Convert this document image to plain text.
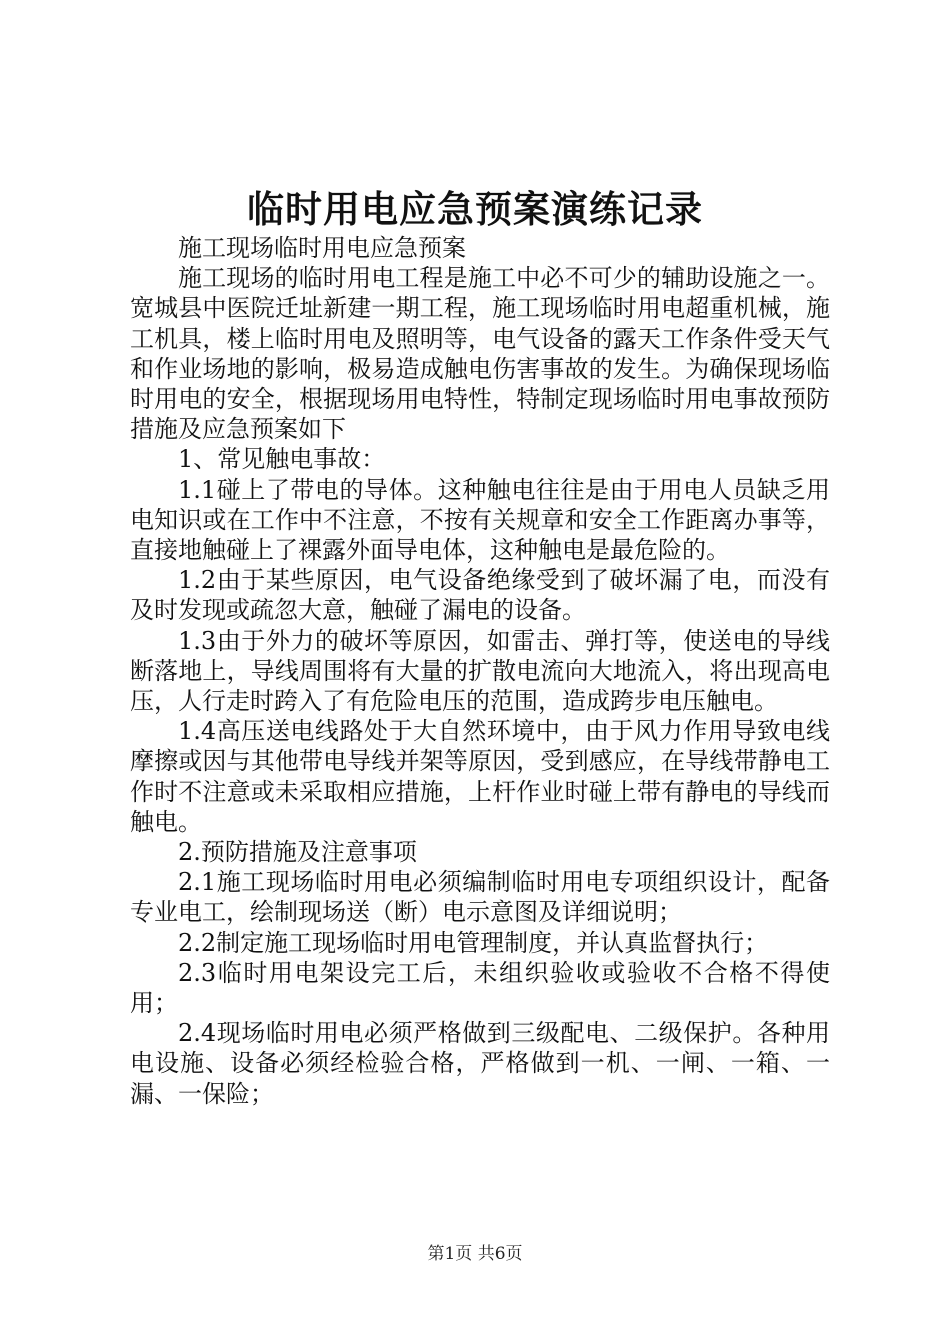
临时用电应急预案演练记录

施工现场临时用电应急预案

施工现场的临时用电工程是施工中必不可少的辅助设施之一。宽城县中医院迁址新建一期工程，施工现场临时用电超重机械，施工机具，楼上临时用电及照明等，电气设备的露天工作条件受天气和作业场地的影响，极易造成触电伤害事故的发生。为确保现场临时用电的安全，根据现场用电特性，特制定现场临时用电事故预防措施及应急预案如下

1、常见触电事故：

1.1碰上了带电的导体。这种触电往往是由于用电人员缺乏用电知识或在工作中不注意，不按有关规章和安全工作距离办事等，直接地触碰上了裸露外面导电体，这种触电是最危险的。

1.2由于某些原因，电气设备绝缘受到了破坏漏了电，而没有及时发现或疏忽大意，触碰了漏电的设备。

1.3由于外力的破坏等原因，如雷击、弹打等，使送电的导线断落地上，导线周围将有大量的扩散电流向大地流入，将出现高电压，人行走时跨入了有危险电压的范围，造成跨步电压触电。

1.4高压送电线路处于大自然环境中，由于风力作用导致电线摩擦或因与其他带电导线并架等原因，受到感应，在导线带静电工作时不注意或未采取相应措施，上杆作业时碰上带有静电的导线而触电。

2.预防措施及注意事项

2.1施工现场临时用电必须编制临时用电专项组织设计，配备专业电工，绘制现场送（断）电示意图及详细说明；

2.2制定施工现场临时用电管理制度，并认真监督执行；

2.3临时用电架设完工后，未组织验收或验收不合格不得使用；

2.4现场临时用电必须严格做到三级配电、二级保护。各种用电设施、设备必须经检验合格，严格做到一机、一闸、一箱、一漏、一保险；

第1页 共6页
